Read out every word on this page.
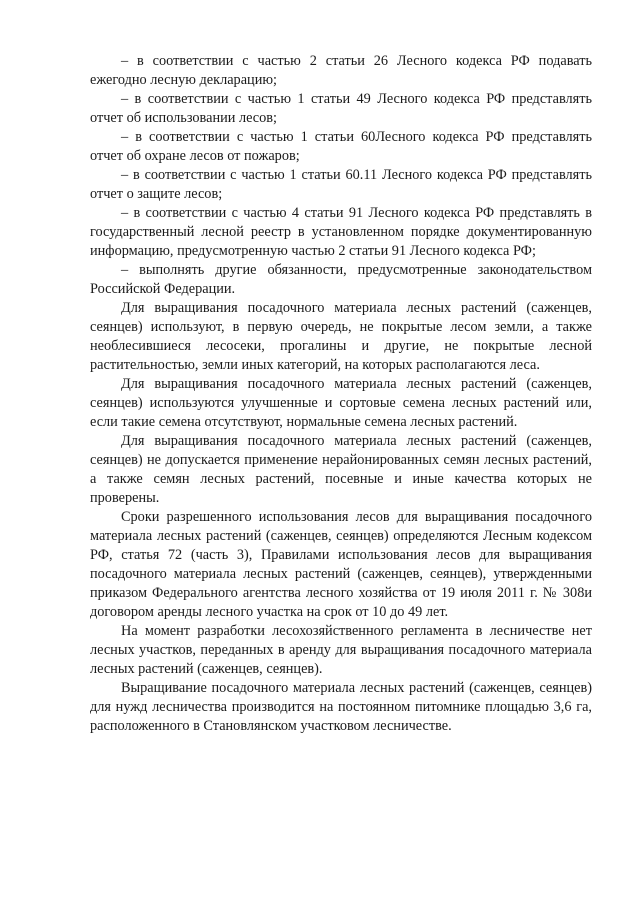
– в соответствии с частью 2 статьи 26 Лесного кодекса РФ подавать ежегодно лесную декларацию;

– в соответствии с частью 1 статьи 49 Лесного кодекса РФ представлять отчет об использовании лесов;

– в соответствии с частью 1 статьи 60Лесного кодекса РФ представлять отчет об охране лесов от пожаров;

– в соответствии с частью 1 статьи 60.11 Лесного кодекса РФ представлять отчет о защите лесов;

– в соответствии с частью 4 статьи 91 Лесного кодекса РФ представлять в государственный лесной реестр в установленном порядке документированную информацию, предусмотренную частью 2 статьи 91 Лесного кодекса РФ;

– выполнять другие обязанности, предусмотренные законодательством Российской Федерации.

Для выращивания посадочного материала лесных растений (саженцев, сеянцев) используют, в первую очередь, не покрытые лесом земли, а также необлесившиеся лесосеки, прогалины и другие, не покрытые лесной растительностью, земли иных категорий, на которых располагаются леса.

Для выращивания посадочного материала лесных растений (саженцев, сеянцев) используются улучшенные и сортовые семена лесных растений или, если такие семена отсутствуют, нормальные семена лесных растений.

Для выращивания посадочного материала лесных растений (саженцев, сеянцев) не допускается применение нерайонированных семян лесных растений, а также семян лесных растений, посевные и иные качества которых не проверены.

Сроки разрешенного использования лесов для выращивания посадочного материала лесных растений (саженцев, сеянцев) определяются Лесным кодексом РФ, статья 72 (часть 3), Правилами использования лесов для выращивания посадочного материала лесных растений (саженцев, сеянцев), утвержденными приказом Федерального агентства лесного хозяйства от 19 июля 2011 г. № 308и договором аренды лесного участка на срок от 10 до 49 лет.

На момент разработки лесохозяйственного регламента в лесничестве нет лесных участков, переданных в аренду для выращивания посадочного материала лесных растений (саженцев, сеянцев).

Выращивание посадочного материала лесных растений (саженцев, сеянцев) для нужд лесничества производится на постоянном питомнике площадью 3,6 га, расположенного в Становлянском участковом лесничестве.
